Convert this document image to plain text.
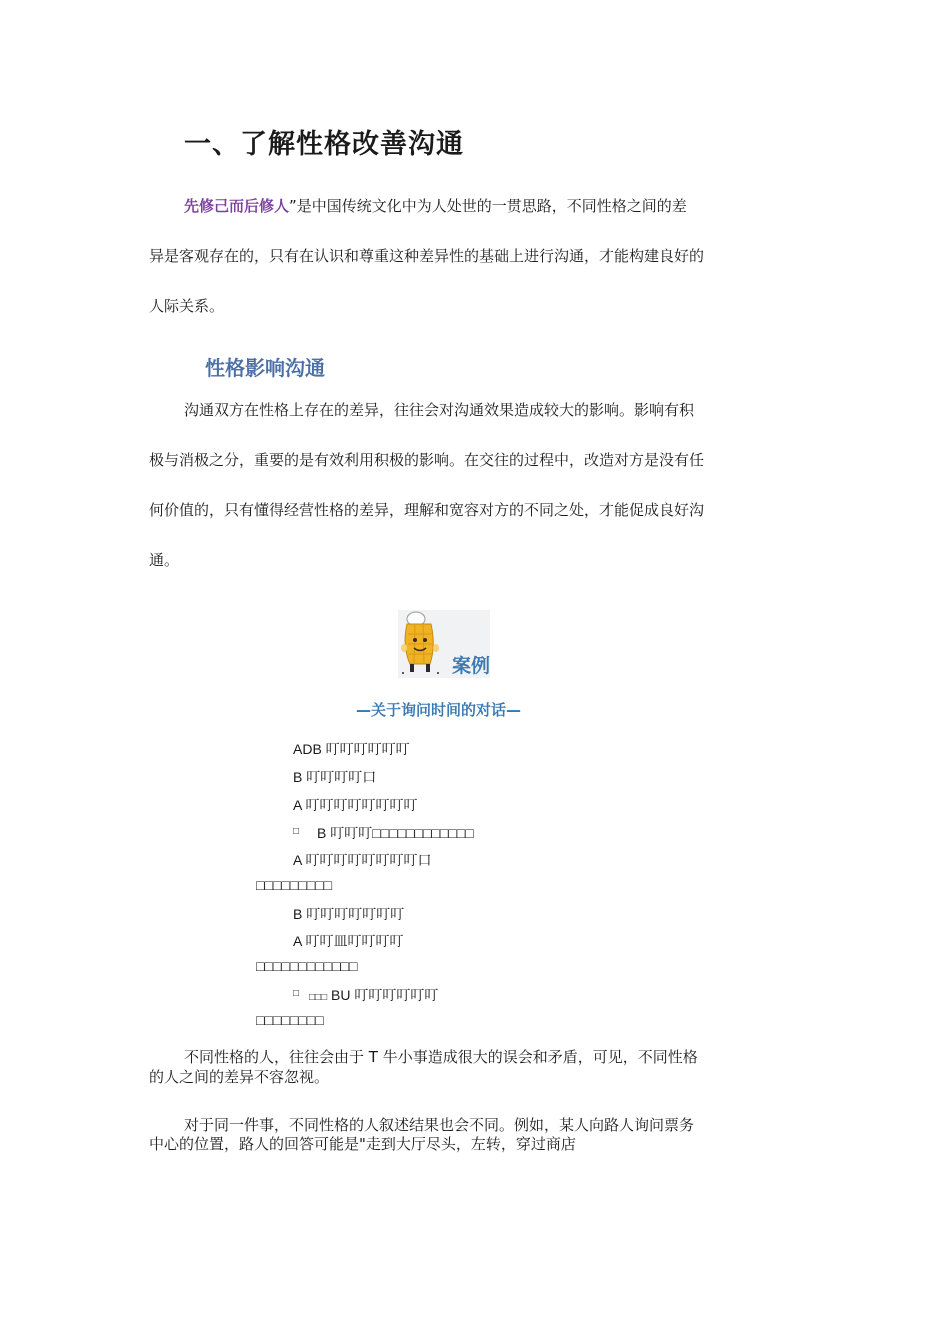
一、了解性格改善沟通
先修己而后修人”是中国传统文化中为人处世的一贯思路，不同性格之间的差
异是客观存在的，只有在认识和尊重这种差异性的基础上进行沟通，才能构建良好的
人际关系。
性格影响沟通
沟通双方在性格上存在的差异，往往会对沟通效果造成较大的影响。影响有积
极与消极之分，重要的是有效利用积极的影响。在交往的过程中，改造对方是没有任
何价值的，只有懂得经营性格的差异，理解和宽容对方的不同之处，才能促成良好沟
通。
案例
—关于询问时间的对话—
ADB 叮叮叮叮叮叮
B 叮叮叮叮口
A 叮叮叮叮叮叮叮叮
□ B 叮叮叮□□□□□□□□□□□□
A 叮叮叮叮叮叮叮叮口
□□□□□□□□□
B 叮叮叮叮叮叮叮
A 叮叮皿叮叮叮叮
□□□□□□□□□□□□
□ □□□ BU 叮叮叮叮叮叮
□□□□□□□□
不同性格的人，往往会由于 T 牛小事造成很大的误会和矛盾，可见，不同性格
的人之间的差异不容忽视。
对于同一件事，不同性格的人叙述结果也会不同。例如，某人向路人询问票务
中心的位置，路人的回答可能是"走到大厅尽头，左转，穿过商店
